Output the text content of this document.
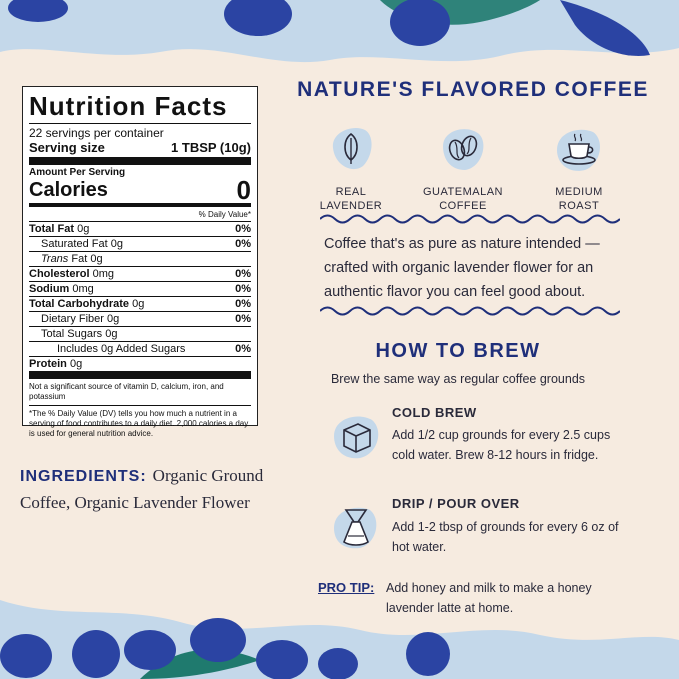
Nutrition Facts
22 servings per container
Serving size	1 TBSP (10g)
Amount Per Serving
Calories	0
% Daily Value*
Total Fat 0g	0%
Saturated Fat 0g	0%
Trans Fat 0g
Cholesterol 0mg	0%
Sodium 0mg	0%
Total Carbohydrate 0g	0%
Dietary Fiber 0g	0%
Total Sugars 0g
Includes 0g Added Sugars	0%
Protein 0g
Not a significant source of vitamin D, calcium, iron, and potassium
*The % Daily Value (DV) tells you how much a nutrient in a serving of food contributes to a daily diet. 2,000 calories a day is used for general nutrition advice.
INGREDIENTS: Organic Ground Coffee, Organic Lavender Flower
NATURE'S FLAVORED COFFEE
REAL
LAVENDER
GUATEMALAN
COFFEE
MEDIUM
ROAST
Coffee that's as pure as nature intended — crafted with organic lavender flower for an authentic flavor you can feel good about.
HOW TO BREW
Brew the same way as regular coffee grounds
COLD BREW
Add 1/2 cup grounds for every 2.5 cups cold water. Brew 8-12 hours in fridge.
DRIP / POUR OVER
Add 1-2 tbsp of grounds for every 6 oz of hot water.
PRO TIP: Add honey and milk to make a honey lavender latte at home.
